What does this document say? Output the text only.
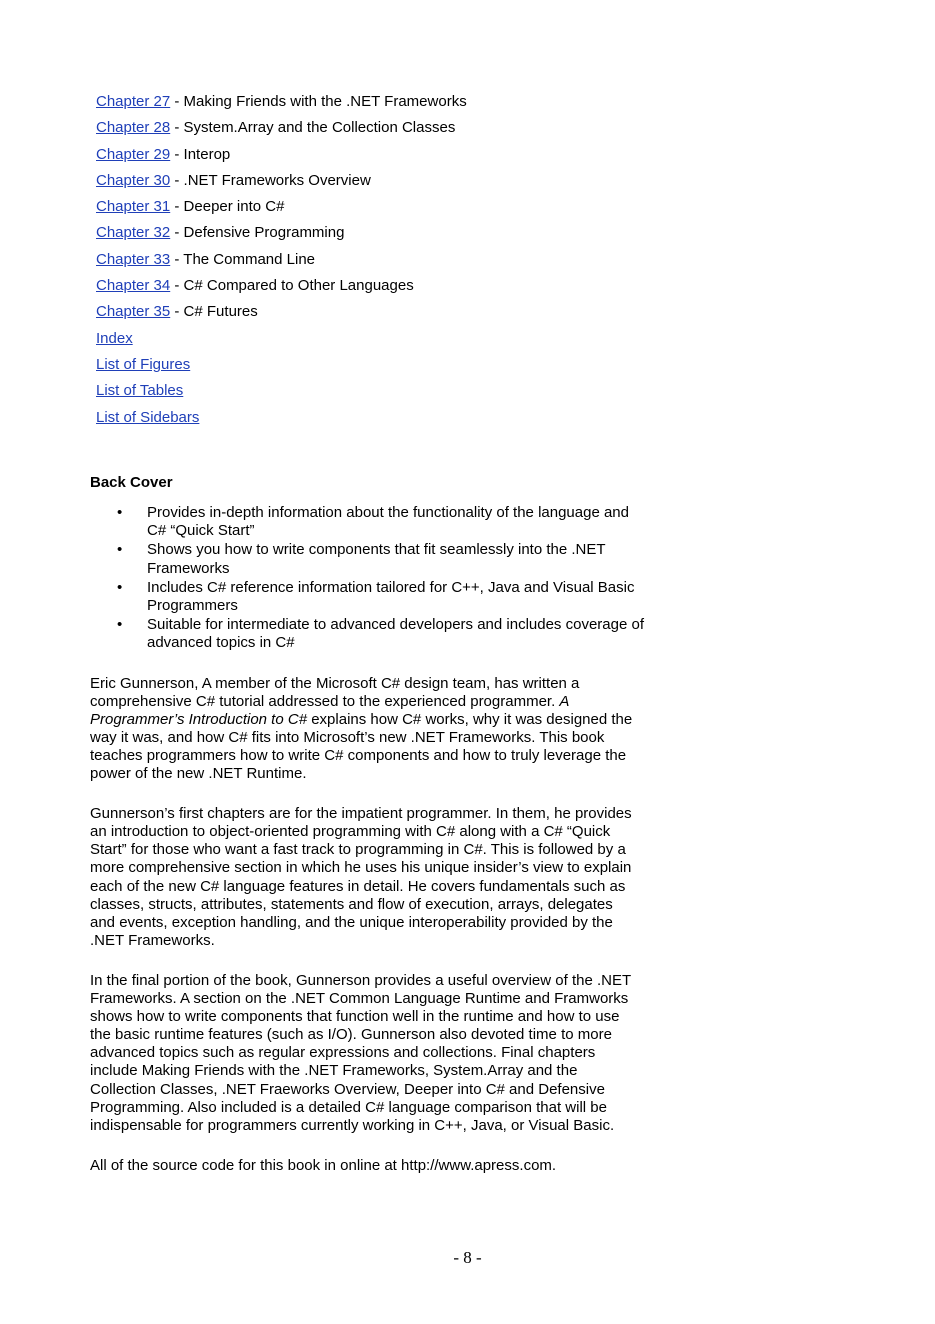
Chapter 27 - Making Friends with the .NET Frameworks
Chapter 28 - System.Array and the Collection Classes
Chapter 29 - Interop
Chapter 30 - .NET Frameworks Overview
Chapter 31 - Deeper into C#
Chapter 32 - Defensive Programming
Chapter 33 - The Command Line
Chapter 34 - C# Compared to Other Languages
Chapter 35 - C# Futures
Index
List of Figures
List of Tables
List of Sidebars
Back Cover
• Provides in-depth information about the functionality of the language and C# “Quick Start”
• Shows you how to write components that fit seamlessly into the .NET Frameworks
• Includes C# reference information tailored for C++, Java and Visual Basic Programmers
• Suitable for intermediate to advanced developers and includes coverage of advanced topics in C#

Eric Gunnerson, A member of the Microsoft C# design team, has written a comprehensive C# tutorial addressed to the experienced programmer. A Programmer’s Introduction to C# explains how C# works, why it was designed the way it was, and how C# fits into Microsoft’s new .NET Frameworks. This book teaches programmers how to write C# components and how to truly leverage the power of the new .NET Runtime.

Gunnerson’s first chapters are for the impatient programmer. In them, he provides an introduction to object-oriented programming with C# along with a C# “Quick Start” for those who want a fast track to programming in C#. This is followed by a more comprehensive section in which he uses his unique insider’s view to explain each of the new C# language features in detail. He covers fundamentals such as classes, structs, attributes, statements and flow of execution, arrays, delegates and events, exception handling, and the unique interoperability provided by the .NET Frameworks.

In the final portion of the book, Gunnerson provides a useful overview of the .NET Frameworks. A section on the .NET Common Language Runtime and Framworks shows how to write components that function well in the runtime and how to use the basic runtime features (such as I/O). Gunnerson also devoted time to more advanced topics such as regular expressions and collections. Final chapters include Making Friends with the .NET Frameworks, System.Array and the Collection Classes, .NET Fraeworks Overview, Deeper into C# and Defensive Programming. Also included is a detailed C# language comparison that will be indispensable for programmers currently working in C++, Java, or Visual Basic.

All of the source code for this book in online at http://www.apress.com.

- 8 -
